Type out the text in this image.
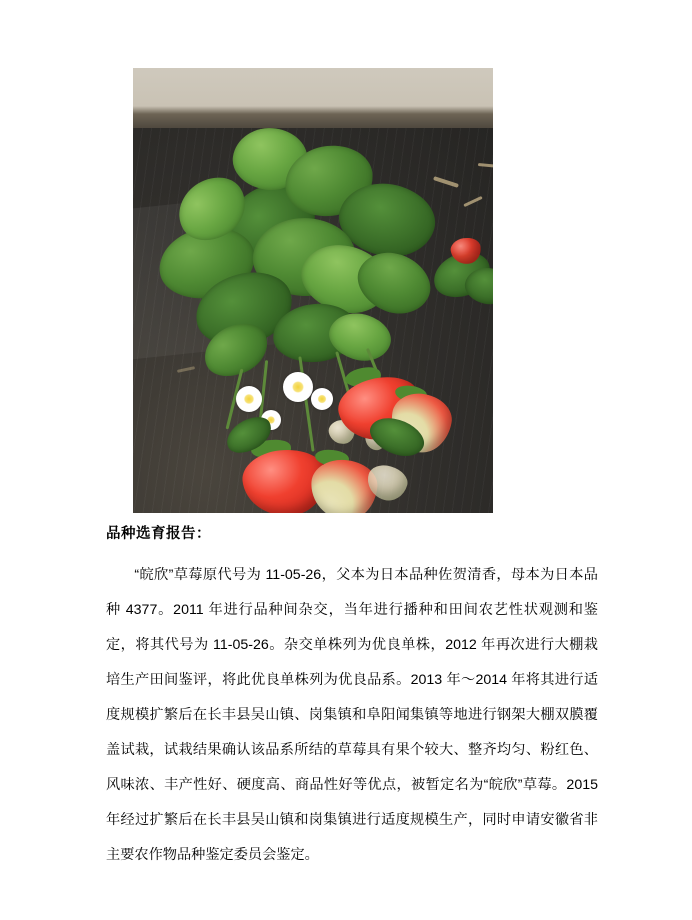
品种选育报告：
“皖欣”草莓原代号为 11-05-26，父本为日本品种佐贺清香，母本为日本品种 4377。2011 年进行品种间杂交，当年进行播种和田间农艺性状观测和鉴定，将其代号为 11-05-26。杂交单株列为优良单株，2012 年再次进行大棚栽培生产田间鉴评，将此优良单株列为优良品系。2013 年～2014 年将其进行适度规模扩繁后在长丰县吴山镇、岗集镇和阜阳闻集镇等地进行钢架大棚双膜覆盖试栽，试栽结果确认该品系所结的草莓具有果个较大、整齐均匀、粉红色、风味浓、丰产性好、硬度高、商品性好等优点，被暂定名为“皖欣”草莓。2015 年经过扩繁后在长丰县吴山镇和岗集镇进行适度规模生产，同时申请安徽省非主要农作物品种鉴定委员会鉴定。
